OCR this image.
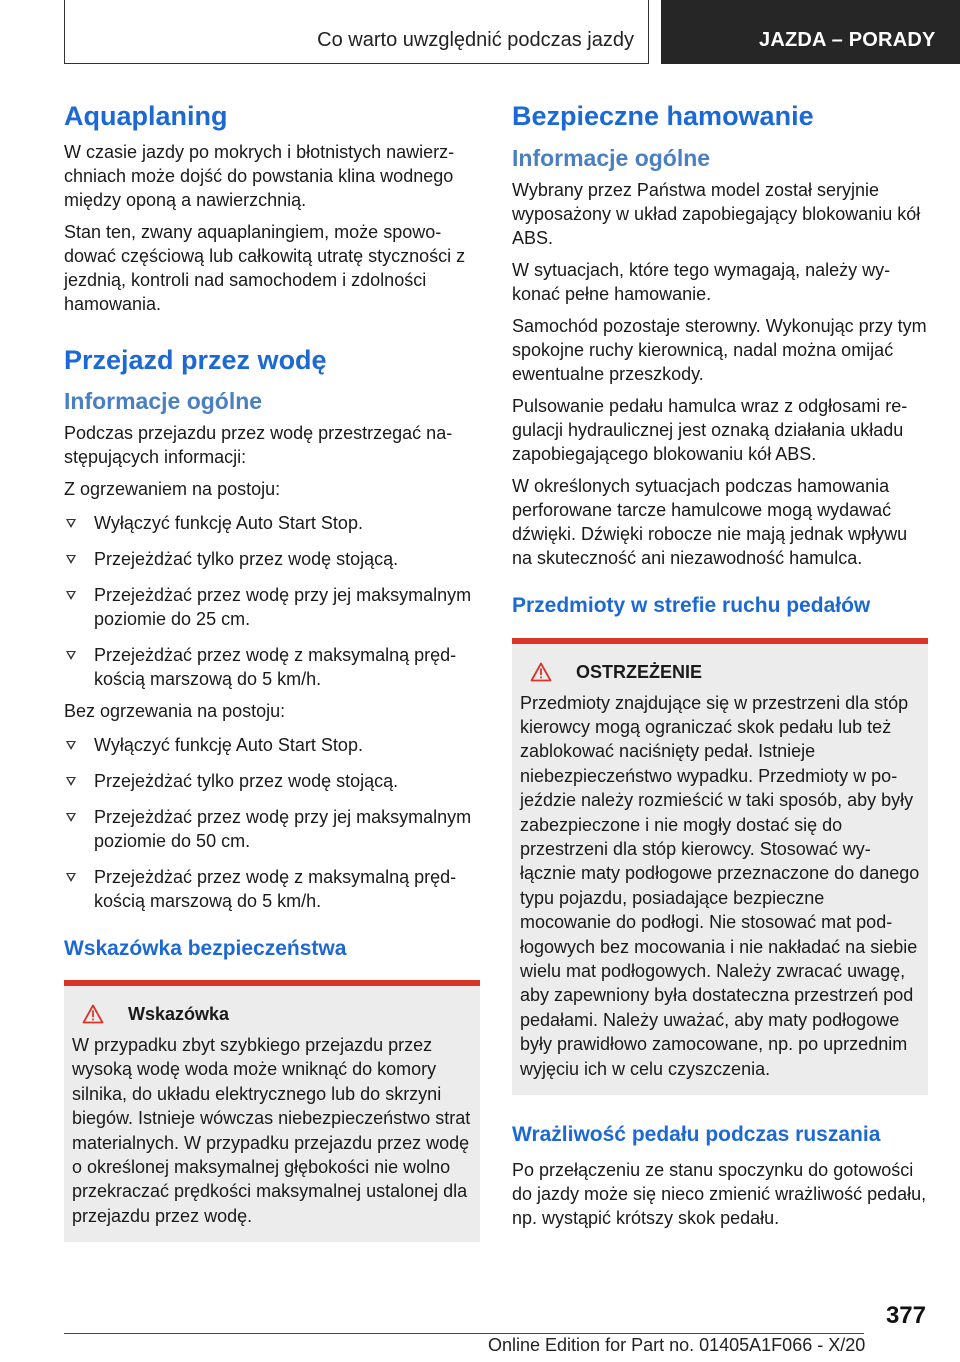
Co warto uwzględnić podczas jazdy	JAZDA – PORADY
Aquaplaning

W czasie jazdy po mokrych i błotnistych nawierzchniach może dojść do powstania klina wodnego między oponą a nawierzchnią.

Stan ten, zwany aquaplaningiem, może spowodować częściową lub całkowitą utratę styczności z jezdnią, kontroli nad samochodem i zdolności hamowania.

Przejazd przez wodę
Informacje ogólne

Podczas przejazdu przez wodę przestrzegać następujących informacji:

Z ogrzewaniem na postoju:

Wyłączyć funkcję Auto Start Stop.
Przejeżdżać tylko przez wodę stojącą.
Przejeżdżać przez wodę przy jej maksymalnym poziomie do 25 cm.
Przejeżdżać przez wodę z maksymalną prędkością marszową do 5 km/h.

Bez ogrzewania na postoju:

Wyłączyć funkcję Auto Start Stop.
Przejeżdżać tylko przez wodę stojącą.
Przejeżdżać przez wodę przy jej maksymalnym poziomie do 50 cm.
Przejeżdżać przez wodę z maksymalną prędkością marszową do 5 km/h.
Wskazówka bezpieczeństwa
Wskazówka

W przypadku zbyt szybkiego przejazdu przez wysoką wodę woda może wniknąć do komory silnika, do układu elektrycznego lub do skrzyni biegów. Istnieje wówczas niebezpieczeństwo strat materialnych. W przypadku przejazdu przez wodę o określonej maksymalnej głębokości nie wolno przekraczać prędkości maksymalnej ustalonej dla przejazdu przez wodę.

Bezpieczne hamowanie
Informacje ogólne

Wybrany przez Państwa model został seryjnie wyposażony w układ zapobiegający blokowaniu kół ABS.

W sytuacjach, które tego wymagają, należy wykonać pełne hamowanie.

Samochód pozostaje sterowny. Wykonując przy tym spokojne ruchy kierownicą, nadal można omijać ewentualne przeszkody.

Pulsowanie pedału hamulca wraz z odgłosami regulacji hydraulicznej jest oznaką działania układu zapobiegającego blokowaniu kół ABS.

W określonych sytuacjach podczas hamowania perforowane tarcze hamulcowe mogą wydawać dźwięki. Dźwięki robocze nie mają jednak wpływu na skuteczność ani niezawodność hamulca.

Przedmioty w strefie ruchu pedałów
OSTRZEŻENIE

Przedmioty znajdujące się w przestrzeni dla stóp kierowcy mogą ograniczać skok pedału lub też zablokować naciśnięty pedał. Istnieje niebezpieczeństwo wypadku. Przedmioty w pojeździe należy rozmieścić w taki sposób, aby były zabezpieczone i nie mogły dostać się do przestrzeni dla stóp kierowcy. Stosować wyłącznie maty podłogowe przeznaczone do danego typu pojazdu, posiadające bezpieczne mocowanie do podłogi. Nie stosować mat podłogowych bez mocowania i nie nakładać na siebie wielu mat podłogowych. Należy zwracać uwagę, aby zapewniony była dostateczna przestrzeń pod pedałami. Należy uważać, aby maty podłogowe były prawidłowo zamocowane, np. po uprzednim wyjęciu ich w celu czyszczenia.

Wrażliwość pedału podczas ruszania

Po przełączeniu ze stanu spoczynku do gotowości do jazdy może się nieco zmienić wrażliwość pedału, np. wystąpić krótszy skok pedału.

377
Online Edition for Part no. 01405A1F066 - X/20
